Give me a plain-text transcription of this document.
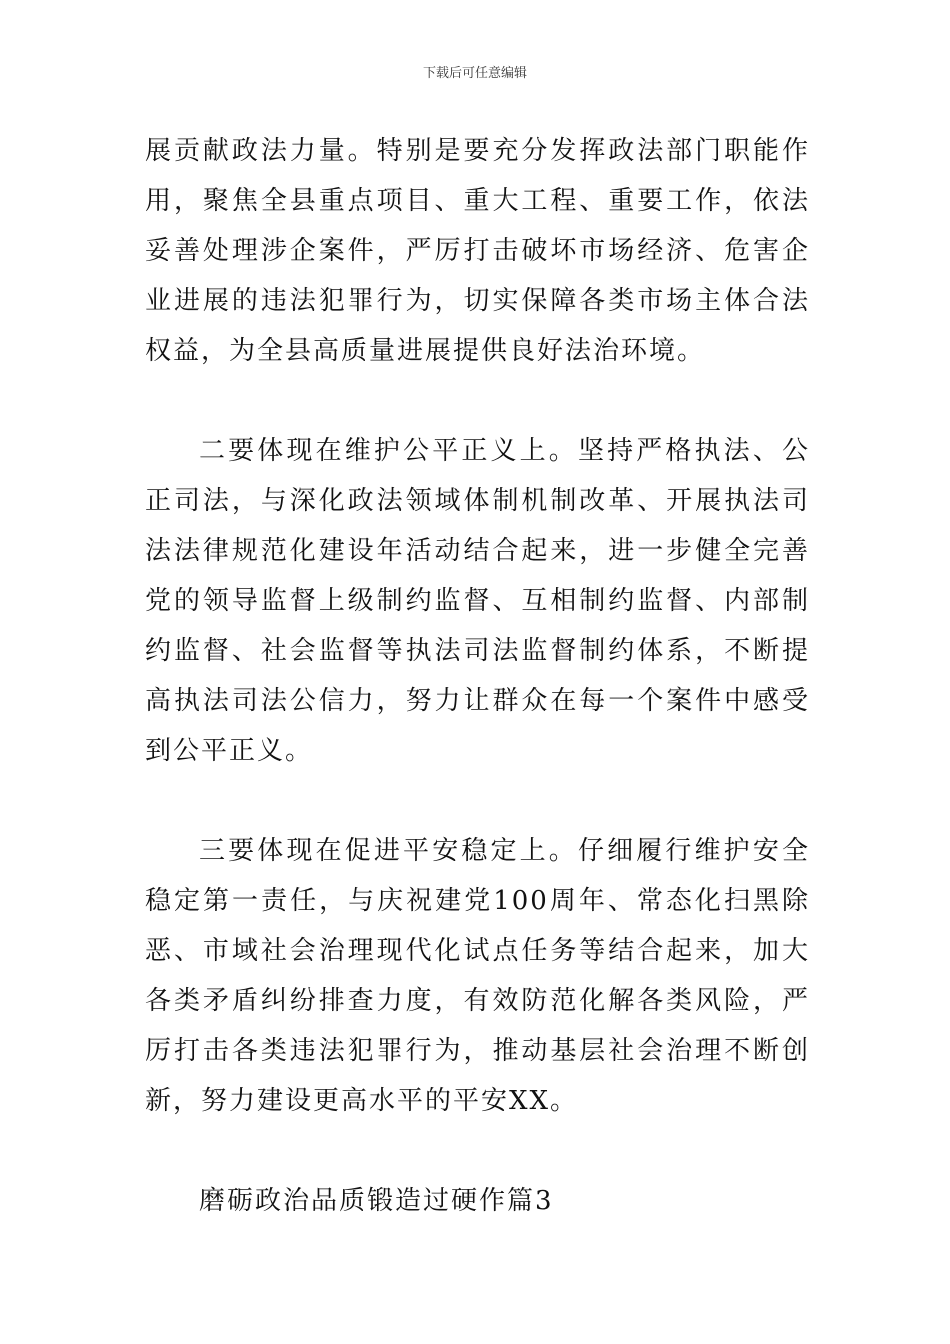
下载后可任意编辑

展贡献政法力量。特别是要充分发挥政法部门职能作用，聚焦全县重点项目、重大工程、重要工作，依法妥善处理涉企案件，严厉打击破坏市场经济、危害企业进展的违法犯罪行为，切实保障各类市场主体合法权益，为全县高质量进展提供良好法治环境。

二要体现在维护公平正义上。坚持严格执法、公正司法，与深化政法领域体制机制改革、开展执法司法法律规范化建设年活动结合起来，进一步健全完善党的领导监督上级制约监督、互相制约监督、内部制约监督、社会监督等执法司法监督制约体系，不断提高执法司法公信力，努力让群众在每一个案件中感受到公平正义。

三要体现在促进平安稳定上。仔细履行维护安全稳定第一责任，与庆祝建党100周年、常态化扫黑除恶、市域社会治理现代化试点任务等结合起来，加大各类矛盾纠纷排查力度，有效防范化解各类风险，严厉打击各类违法犯罪行为，推动基层社会治理不断创新，努力建设更高水平的平安XX。

磨砺政治品质锻造过硬作篇3
